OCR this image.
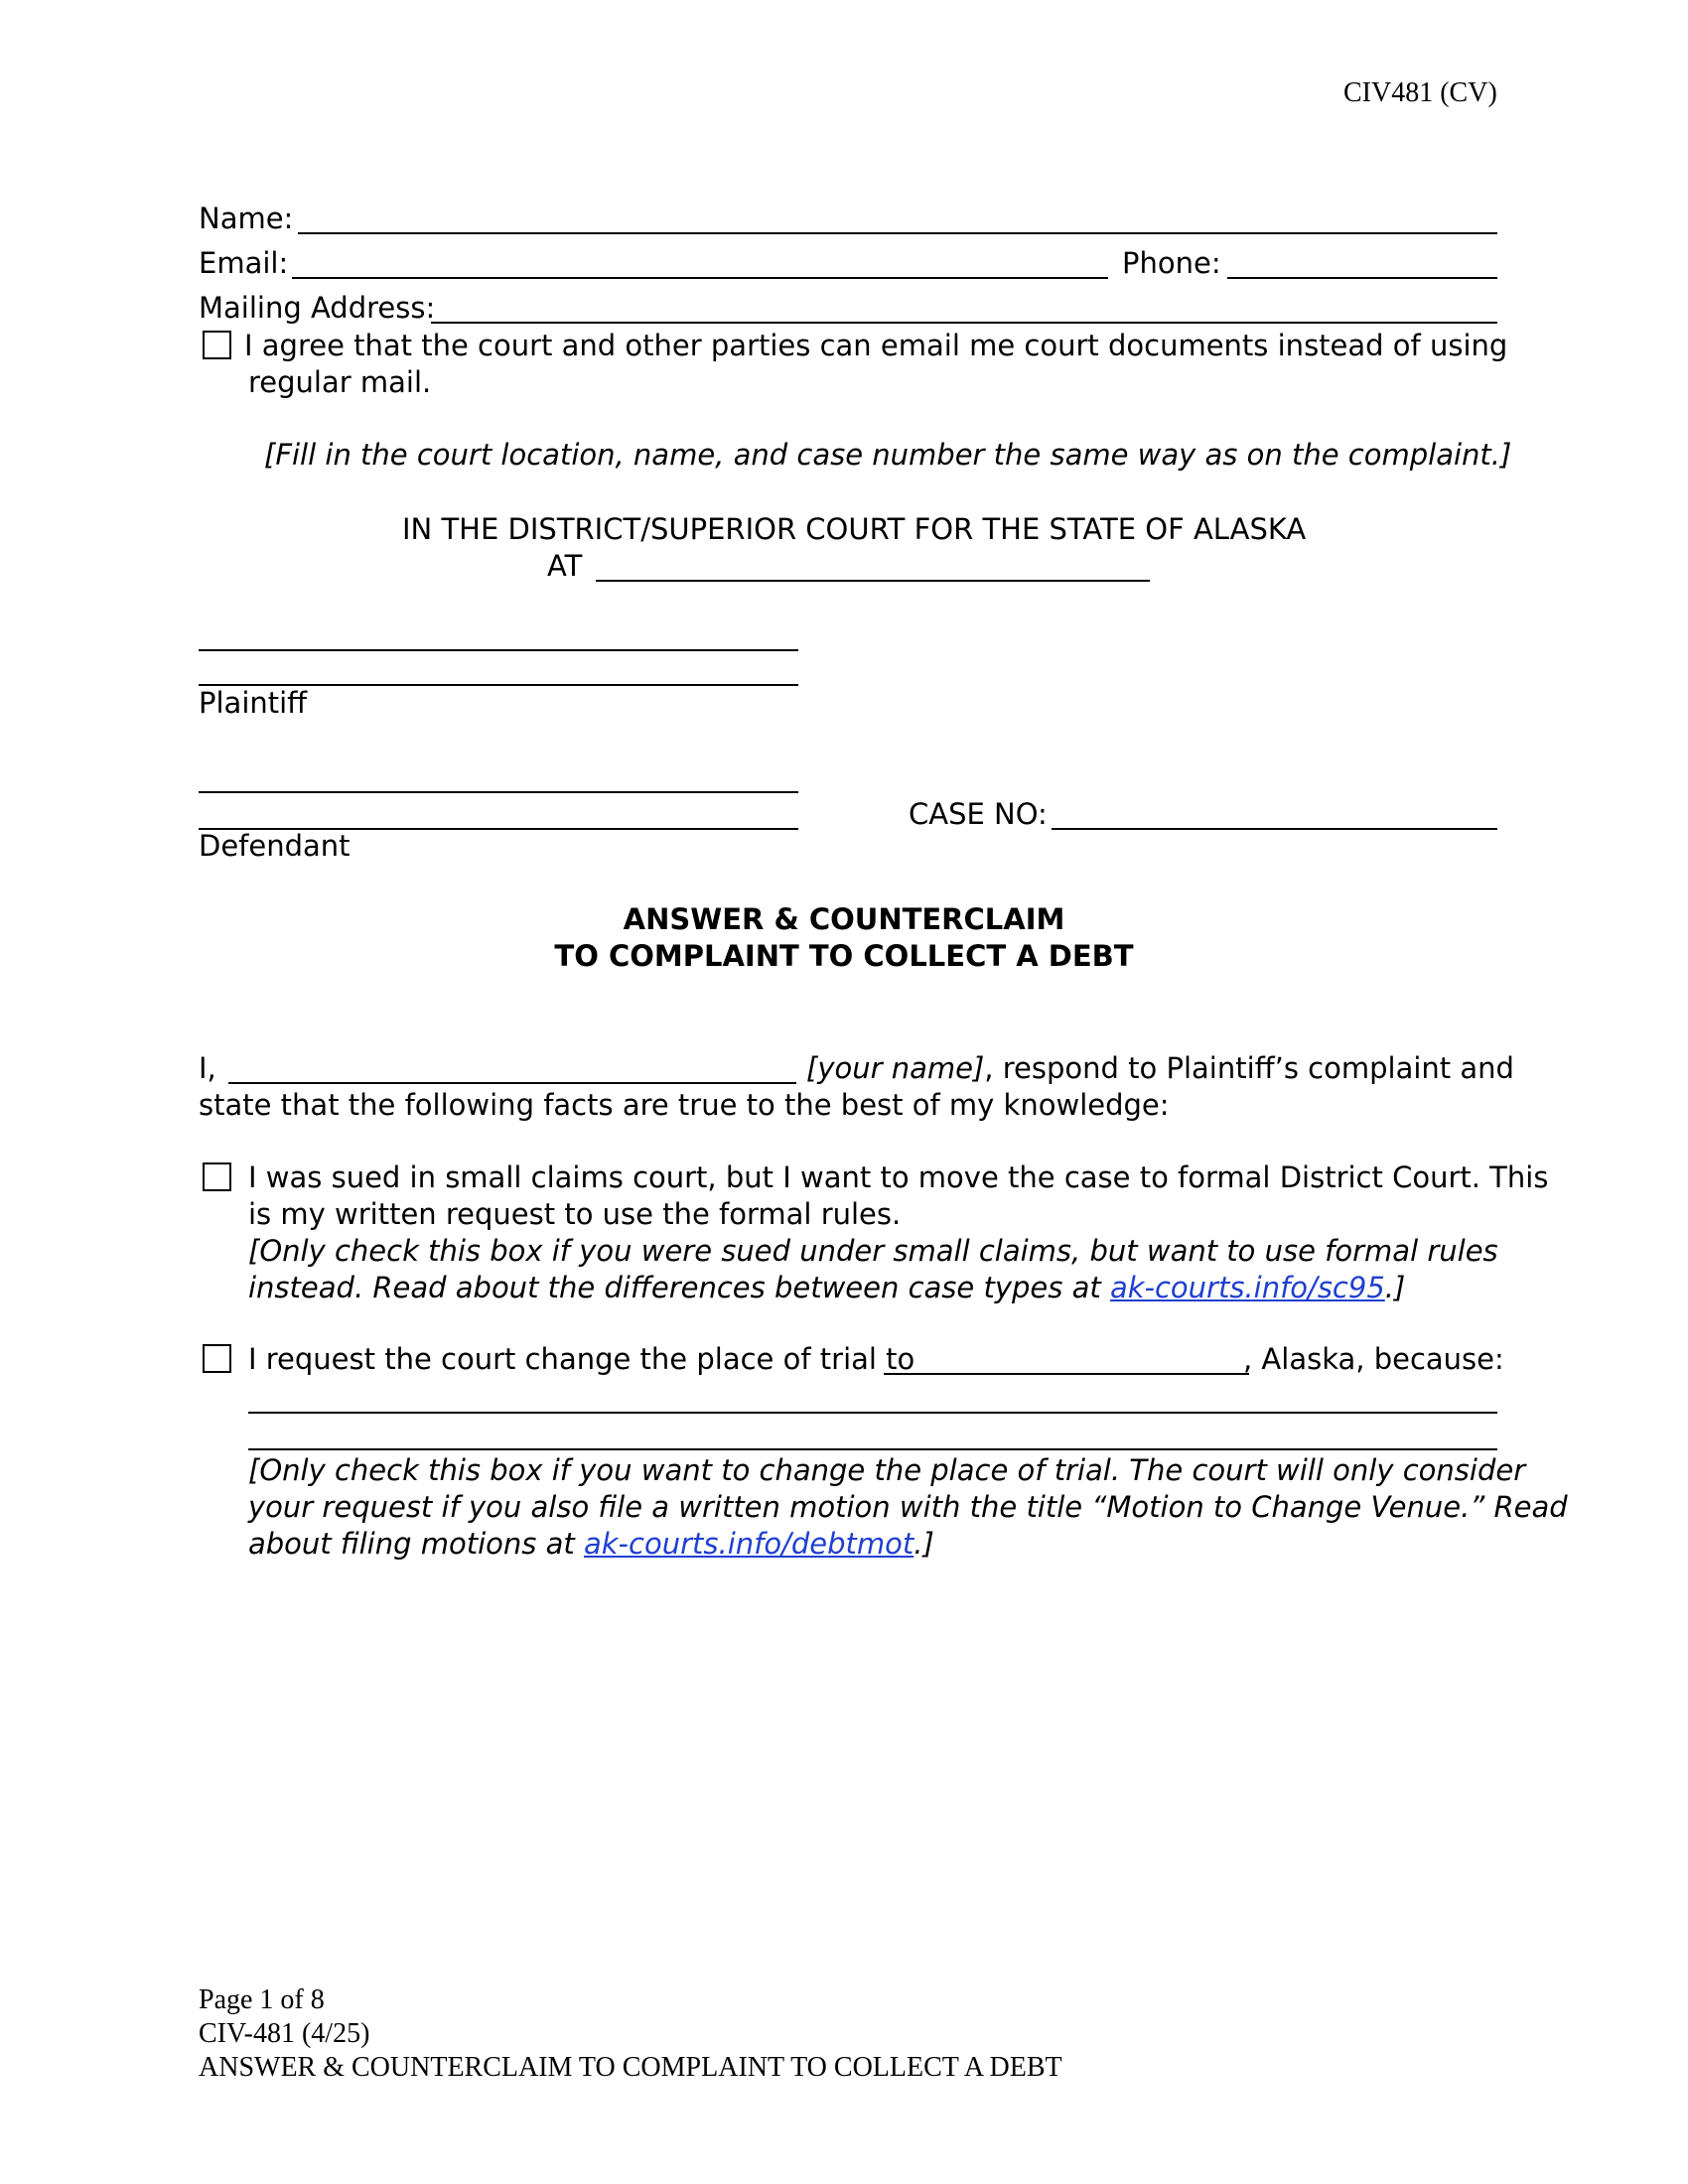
CIV481 (CV)
Name:
Email:	Phone:
Mailing Address:
I agree that the court and other parties can email me court documents instead of using
regular mail.
[Fill in the court location, name, and case number the same way as on the complaint.]
IN THE DISTRICT/SUPERIOR COURT FOR THE STATE OF ALASKA
AT
Plaintiff
Defendant
CASE NO:
ANSWER & COUNTERCLAIM
TO COMPLAINT TO COLLECT A DEBT
I,	[your name], respond to Plaintiff’s complaint and
state that the following facts are true to the best of my knowledge:
I was sued in small claims court, but I want to move the case to formal District Court. This
is my written request to use the formal rules.
[Only check this box if you were sued under small claims, but want to use formal rules
instead. Read about the differences between case types at ak-courts.info/sc95.]
I request the court change the place of trial to	, Alaska, because:
[Only check this box if you want to change the place of trial. The court will only consider
your request if you also file a written motion with the title “Motion to Change Venue.” Read
about filing motions at ak-courts.info/debtmot.]
Page 1 of 8
CIV-481 (4/25)
ANSWER & COUNTERCLAIM TO COMPLAINT TO COLLECT A DEBT
